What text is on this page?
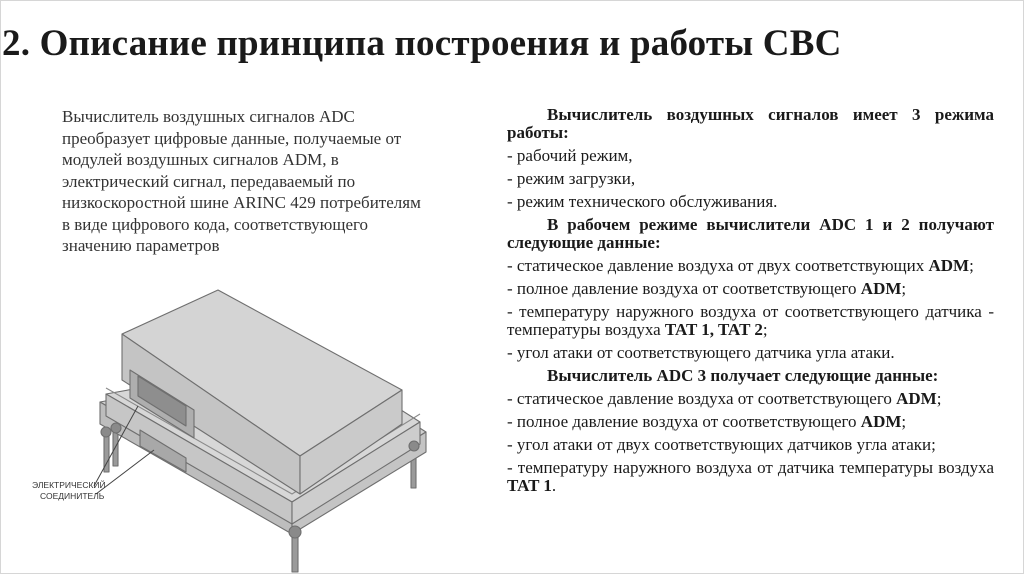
2. Описание принципа построения и работы СВС

Вычислитель воздушных сигналов ADC преобразует цифровые данные, получаемые от модулей воздушных сигналов ADM, в электрический сигнал, передаваемый по низкоскоростной шине ARINC 429 потребителям в виде цифрового кода, соответствующего значению параметров

ЭЛЕКТРИЧЕСКИЙ
СОЕДИНИТЕЛЬ

Вычислитель воздушных сигналов имеет 3 режима работы:

- рабочий режим,

- режим загрузки,

- режим технического обслуживания.

В рабочем режиме вычислители ADC 1 и 2 получают следующие данные:

- статическое давление воздуха от двух соответствующих ADM;

- полное давление воздуха от соответствующего ADM;

- температуру наружного воздуха от соответствующего датчика -      температуры воздуха TAT 1, TAT 2;

- угол атаки от соответствующего датчика угла атаки.

Вычислитель ADC 3 получает следующие данные:

- статическое давление воздуха от соответствующего ADM;

- полное давление воздуха от соответствующего ADM;

- угол атаки от двух соответствующих датчиков угла атаки;

- температуру наружного воздуха от датчика температуры воздуха TAT 1.
